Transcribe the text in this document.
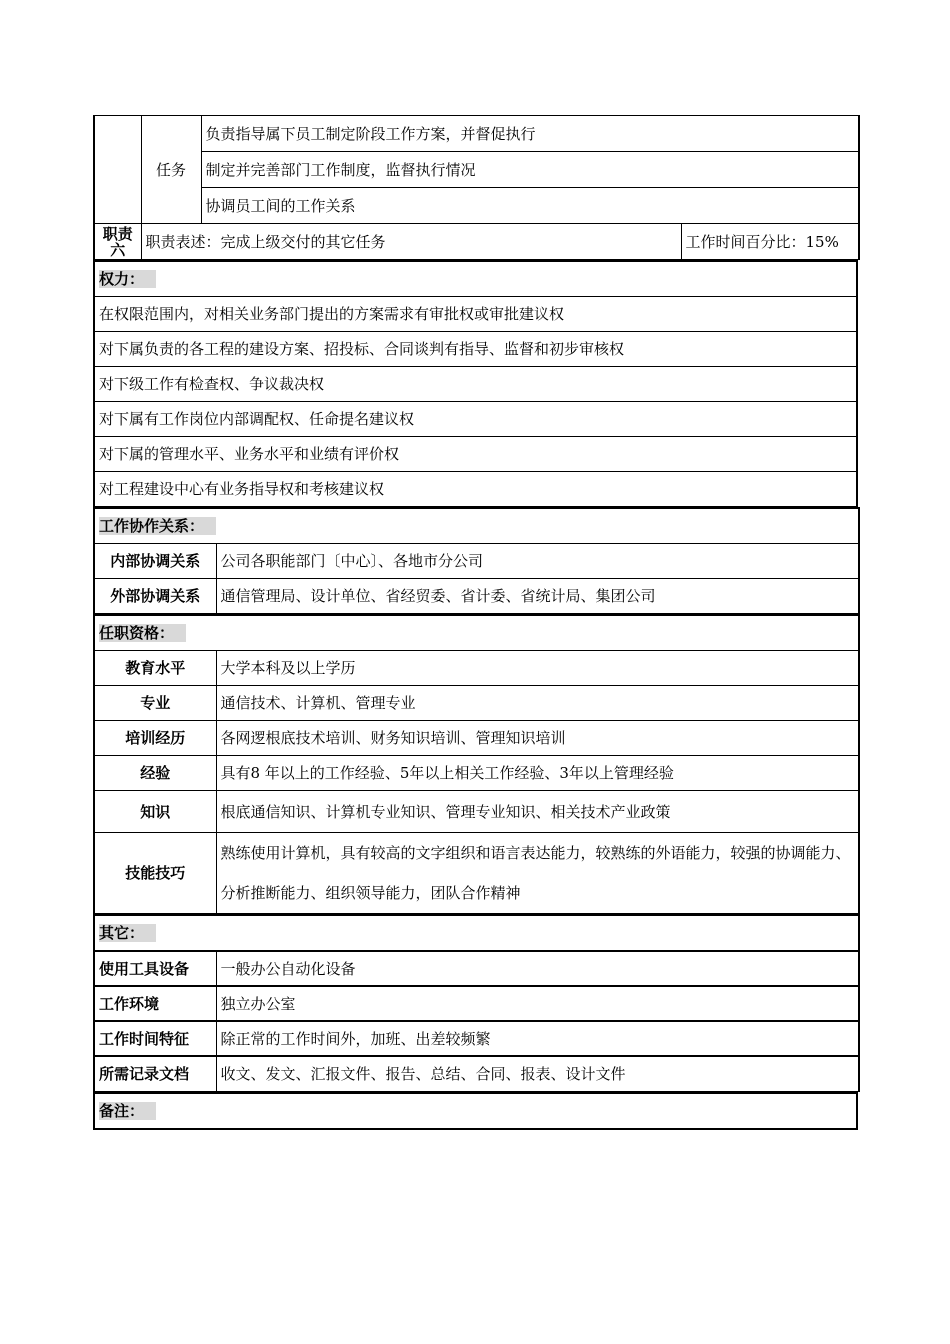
	任务	负责指导属下员工制定阶段工作方案，并督促执行	
		制定并完善部门工作制度，监督执行情况	
		协调员工间的工作关系	

职责
六	职责表述：完成上级交付的其它任务		工作时间百分比：15%
权力：
在权限范围内，对相关业务部门提出的方案需求有审批权或审批建议权
对下属负责的各工程的建设方案、招投标、合同谈判有指导、监督和初步审核权
对下级工作有检查权、争议裁决权
对下属有工作岗位内部调配权、任命提名建议权
对下属的管理水平、业务水平和业绩有评价权
对工程建设中心有业务指导权和考核建议权
工作协作关系：	
内部协调关系	公司各职能部门〔中心〕、各地市分公司
外部协调关系	通信管理局、设计单位、省经贸委、省计委、省统计局、集团公司
任职资格：	
教育水平	大学本科及以上学历
专业	通信技术、计算机、管理专业
培训经历	各网逻根底技术培训、财务知识培训、管理知识培训
经验	具有8 年以上的工作经验、5年以上相关工作经验、3年以上管理经验
知识	根底通信知识、计算机专业知识、管理专业知识、相关技术产业政策
技能技巧	熟练使用计算机，具有较高的文字组织和语言表达能力，较熟练的外语能力，较强的协调能力、分析推断能力、组织领导能力，团队合作精神
其它：	
使用工具设备	一般办公自动化设备
工作环境	独立办公室
工作时间特征	除正常的工作时间外，加班、出差较频繁
所需记录文档	收文、发文、汇报文件、报告、总结、合同、报表、设计文件
备注：
